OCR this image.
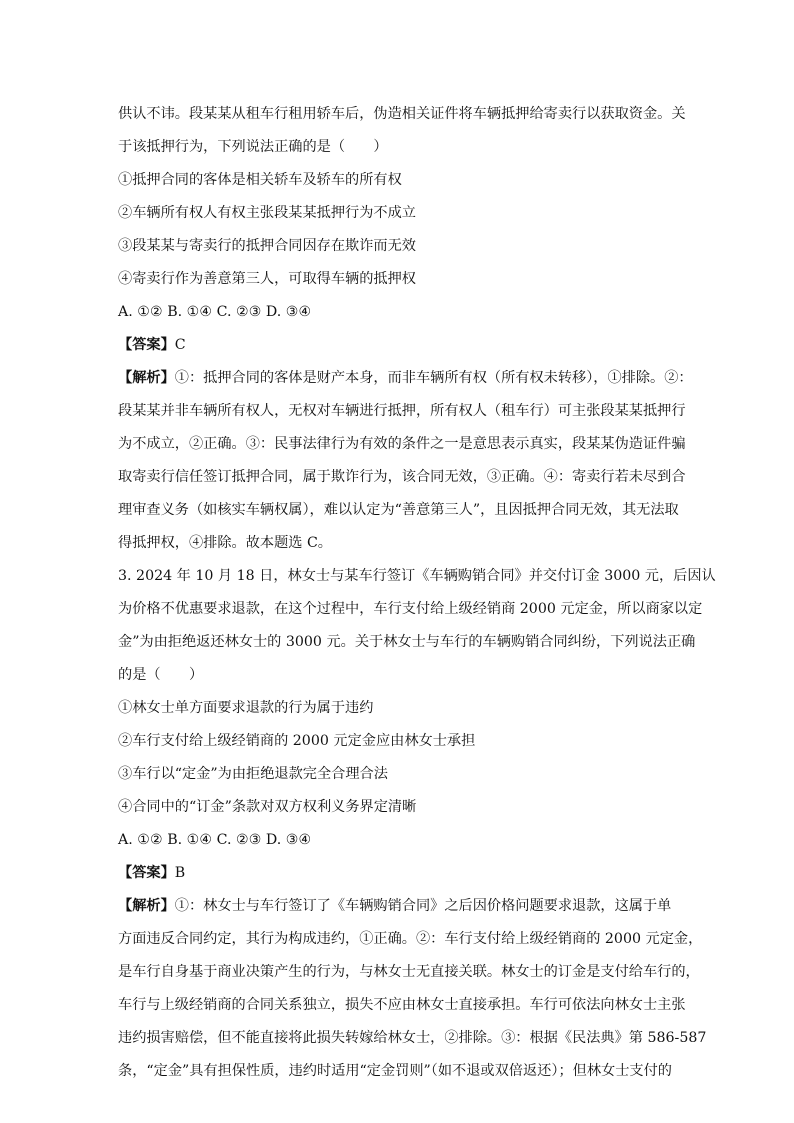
供认不讳。段某某从租车行租用轿车后，伪造相关证件将车辆抵押给寄卖行以获取资金。关
于该抵押行为，下列说法正确的是（　　）
①抵押合同的客体是相关轿车及轿车的所有权
②车辆所有权人有权主张段某某抵押行为不成立
③段某某与寄卖行的抵押合同因存在欺诈而无效
④寄卖行作为善意第三人，可取得车辆的抵押权
A. ①② B. ①④ C. ②③ D. ③④
【答案】C
【解析】①：抵押合同的客体是财产本身，而非车辆所有权（所有权未转移），①排除。②：
段某某并非车辆所有权人，无权对车辆进行抵押，所有权人（租车行）可主张段某某抵押行
为不成立，②正确。③：民事法律行为有效的条件之一是意思表示真实，段某某伪造证件骗
取寄卖行信任签订抵押合同，属于欺诈行为，该合同无效，③正确。④：寄卖行若未尽到合
理审查义务（如核实车辆权属），难以认定为“善意第三人”，且因抵押合同无效，其无法取
得抵押权，④排除。故本题选 C。
3. 2024 年 10 月 18 日，林女士与某车行签订《车辆购销合同》并交付订金 3000 元，后因认
为价格不优惠要求退款，在这个过程中，车行支付给上级经销商 2000 元定金，所以商家以定
金”为由拒绝返还林女士的 3000 元。关于林女士与车行的车辆购销合同纠纷，下列说法正确
的是（　　）
①林女士单方面要求退款的行为属于违约
②车行支付给上级经销商的 2000 元定金应由林女士承担
③车行以“定金”为由拒绝退款完全合理合法
④合同中的“订金”条款对双方权利义务界定清晰
A. ①② B. ①④ C. ②③ D. ③④
【答案】B
【解析】①：林女士与车行签订了《车辆购销合同》之后因价格问题要求退款，这属于单
方面违反合同约定，其行为构成违约，①正确。②：车行支付给上级经销商的 2000 元定金，
是车行自身基于商业决策产生的行为，与林女士无直接关联。林女士的订金是支付给车行的，
车行与上级经销商的合同关系独立，损失不应由林女士直接承担。车行可依法向林女士主张
违约损害赔偿，但不能直接将此损失转嫁给林女士，②排除。③：根据《民法典》第 586-587
条，“定金”具有担保性质，违约时适用“定金罚则”（如不退或双倍返还）；但林女士支付的
